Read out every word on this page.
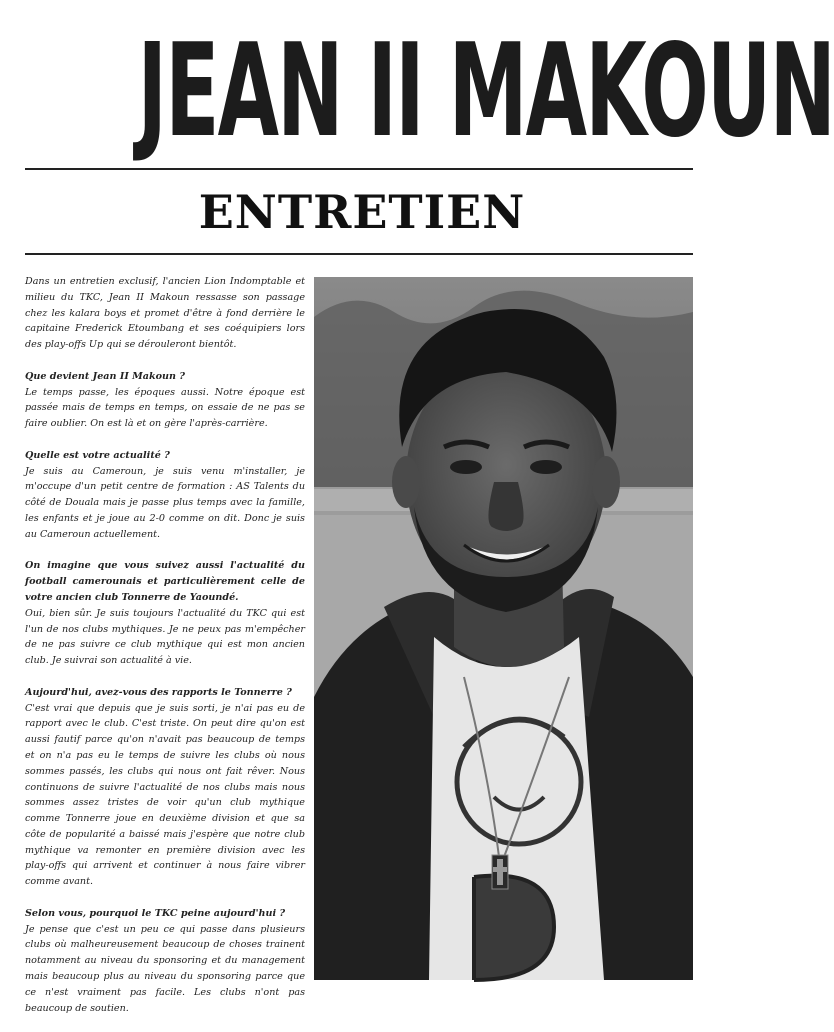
JEAN II MAKOUN
ENTRETIEN

Dans un entretien exclusif, l'ancien Lion Indomptable et milieu du TKC, Jean II Makoun ressasse son passage chez les kalara boys et promet d'être à fond derrière le capitaine Frederick Etoumbang et ses coéquipiers lors des play-offs Up qui se dérouleront bientôt.

Que devient Jean II Makoun ?

Le temps passe, les époques aussi. Notre époque est passée mais de temps en temps, on essaie de ne pas se faire oublier. On est là et on gère l'après-carrière.

Quelle est votre actualité ?

Je suis au Cameroun, je suis venu m'installer, je m'occupe d'un petit centre de formation : AS Talents du côté de Douala mais je passe plus temps avec la famille, les enfants et je joue au 2-0 comme on dit. Donc je suis au Cameroun actuellement.

On imagine que vous suivez aussi l'actualité du football camerounais et particulièrement celle de votre ancien club Tonnerre de Yaoundé.

Oui, bien sûr. Je suis toujours l'actualité du TKC qui est l'un de nos clubs mythiques. Je ne peux pas m'empêcher de ne pas suivre ce club mythique qui est mon ancien club. Je suivrai son actualité à vie.

Aujourd'hui, avez-vous des rapports le Tonnerre ?

C'est vrai que depuis que je suis sorti, je n'ai pas eu de rapport avec le club. C'est triste. On peut dire qu'on est aussi fautif parce qu'on n'avait pas beaucoup de temps et on n'a pas eu le temps de suivre les clubs où nous sommes passés, les clubs qui nous ont fait rêver. Nous continuons de suivre l'actualité de nos clubs mais nous sommes assez tristes de voir qu'un club mythique comme Tonnerre joue en deuxième division et que sa côte de popularité a baissé mais j'espère que notre club mythique va remonter en première division avec les play-offs qui arrivent et continuer à nous faire vibrer comme avant.

Selon vous, pourquoi le TKC peine aujourd'hui ?

Je pense que c'est un peu ce qui passe dans plusieurs clubs où malheureusement beaucoup de choses trainent notamment au niveau du sponsoring et du management mais beaucoup plus au niveau du sponsoring parce que ce n'est vraiment pas facile. Les clubs n'ont pas beaucoup de soutien.
